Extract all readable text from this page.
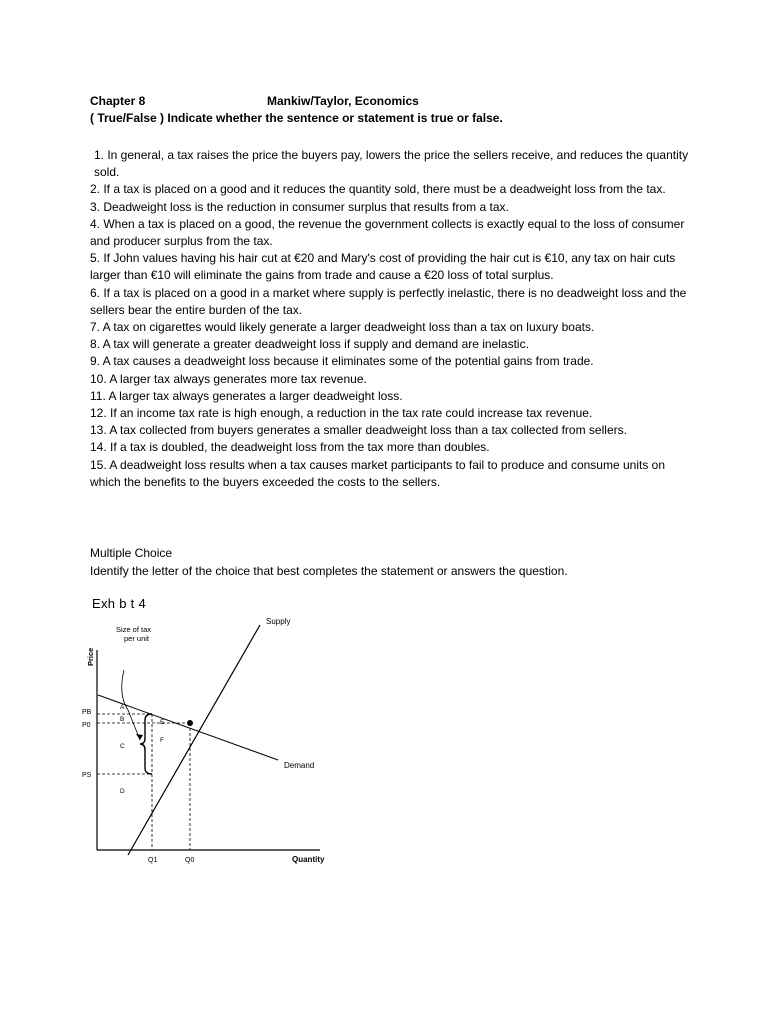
Chapter 8	Mankiw/Taylor, Economics
( True/False ) Indicate whether the sentence or statement is true or false.
1. In general, a tax raises the price the buyers pay, lowers the price the sellers receive, and reduces the quantity sold.
2. If a tax is placed on a good and it reduces the quantity sold, there must be a deadweight loss from the tax.
3. Deadweight loss is the reduction in consumer surplus that results from a tax.
4. When a tax is placed on a good, the revenue the government collects is exactly equal to the loss of consumer and producer surplus from the tax.
5. If John values having his hair cut at €20 and Mary's cost of providing the hair cut is €10, any tax on hair cuts larger than €10 will eliminate the gains from trade and cause a €20 loss of total surplus.
6. If a tax is placed on a good in a market where supply is perfectly inelastic, there is no deadweight loss and the sellers bear the entire burden of the tax.
7. A tax on cigarettes would likely generate a larger deadweight loss than a tax on luxury boats.
8. A tax will generate a greater deadweight loss if supply and demand are inelastic.
9. A tax causes a deadweight loss because it eliminates some of the potential gains from trade.
10. A larger tax always generates more tax revenue.
11. A larger tax always generates a larger deadweight loss.
12. If an income tax rate is high enough, a reduction in the tax rate could increase tax revenue.
13. A tax collected from buyers generates a smaller deadweight loss than a tax collected from sellers.
14. If a tax is doubled, the deadweight loss from the tax more than doubles.
15. A deadweight loss results when a tax causes market participants to fail to produce and consume units on which the benefits to the buyers exceeded the costs to the sellers.
Multiple Choice
Identify the letter of the choice that best completes the statement or answers the question.
Exh b t 4
Supply
Demand
Size of tax
per unit
Price
Quantity
PB
P0
PS
Q1	Q0
A
B
C
D
E
F
